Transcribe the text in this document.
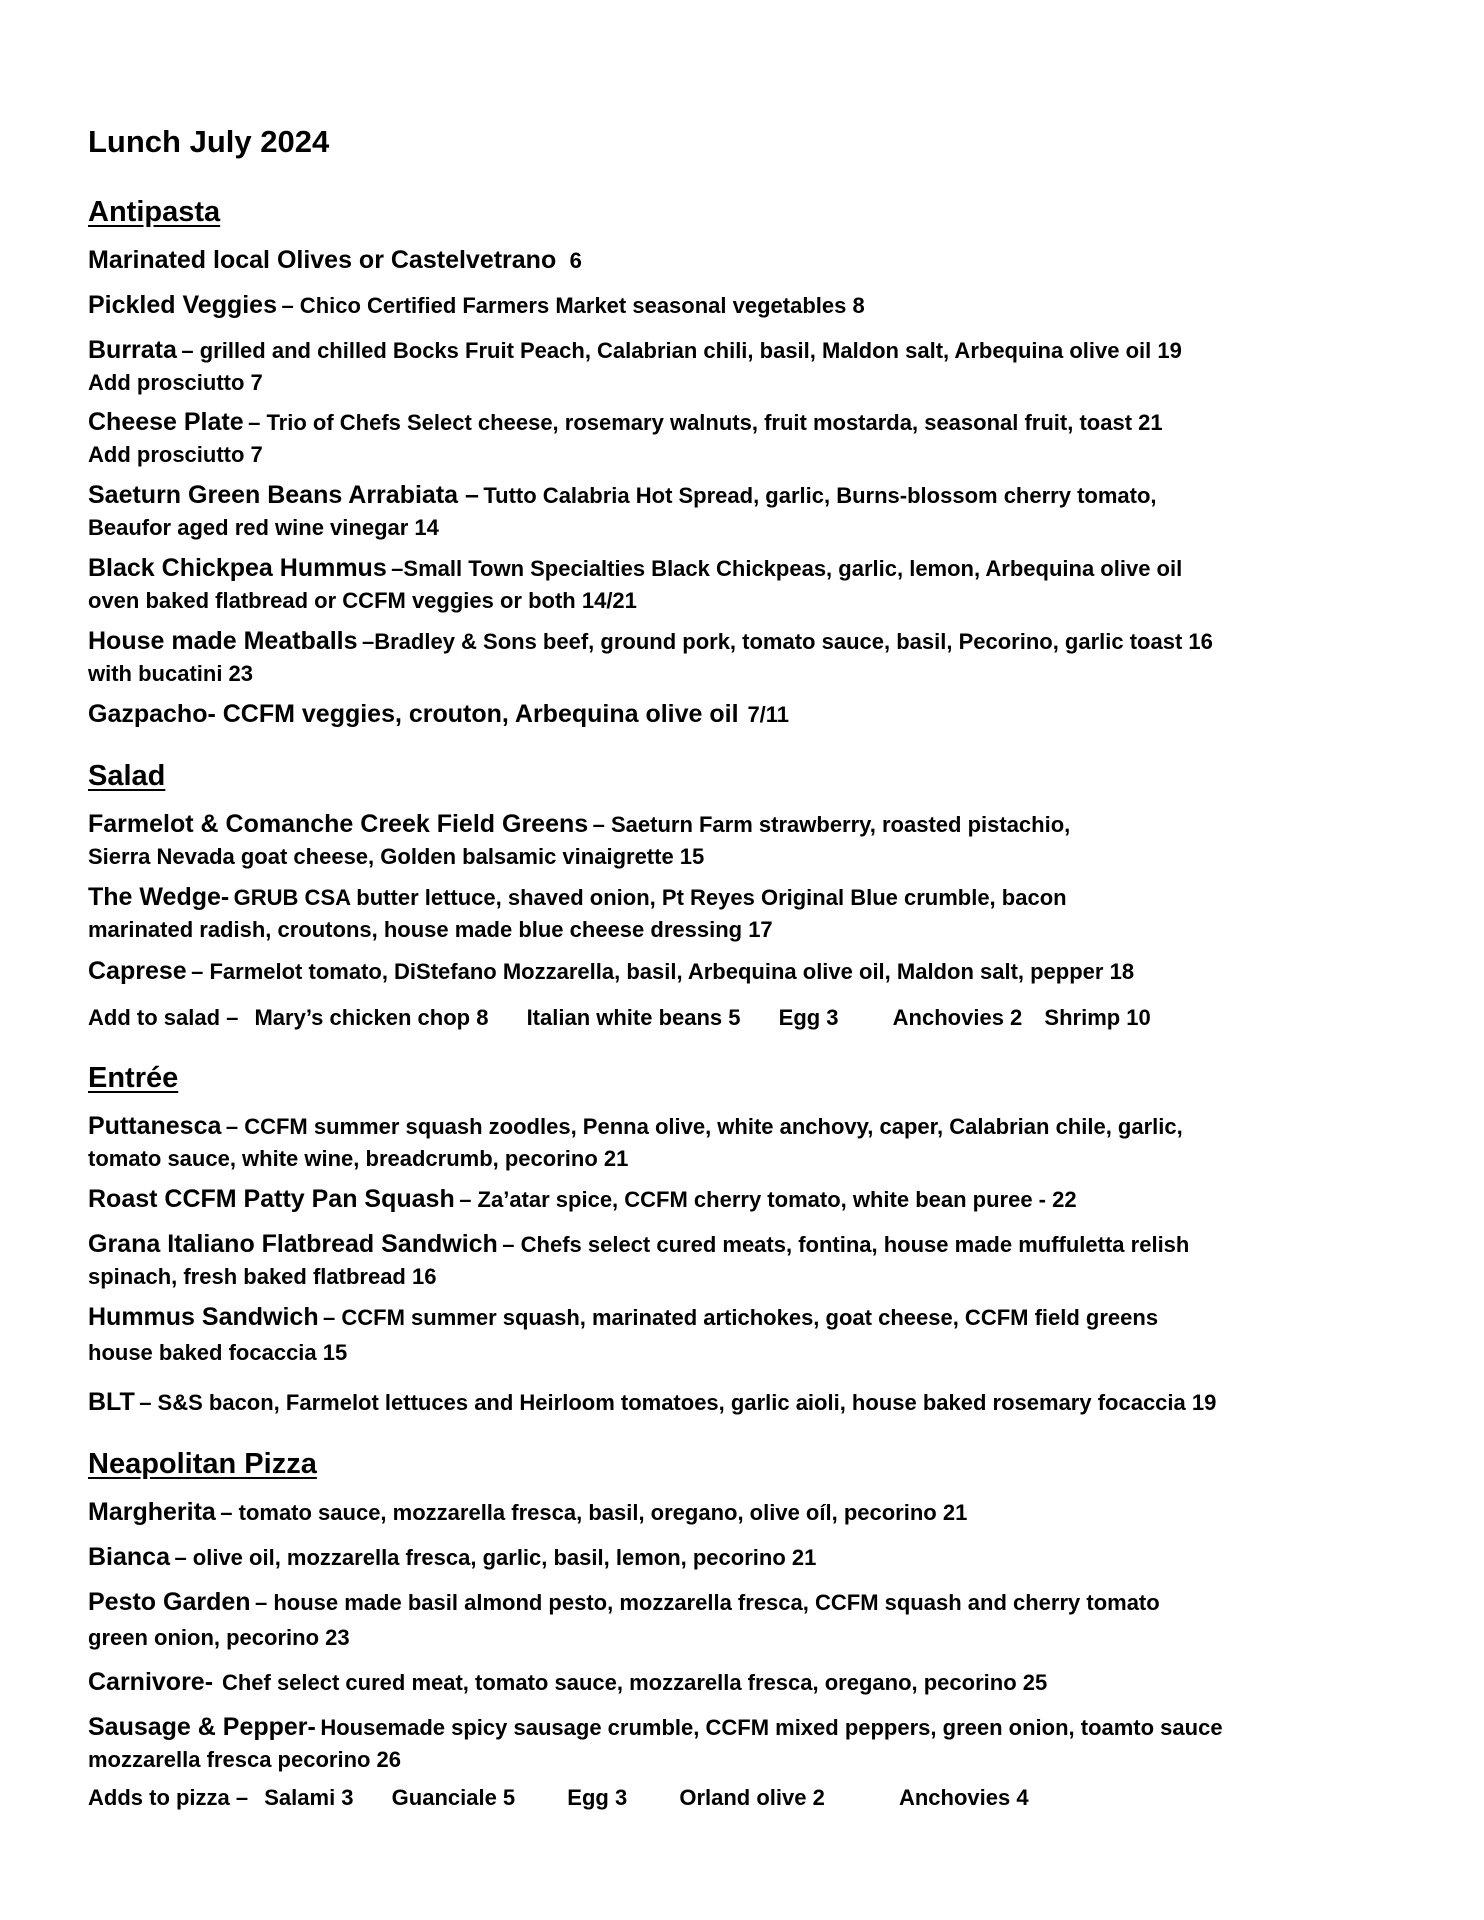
Lunch July 2024
Antipasta
Marinated local Olives or Castelvetrano 6
Pickled Veggies – Chico Certified Farmers Market seasonal vegetables 8
Burrata – grilled and chilled Bocks Fruit Peach, Calabrian chili, basil, Maldon salt, Arbequina olive oil 19
Add prosciutto 7
Cheese Plate – Trio of Chefs Select cheese, rosemary walnuts, fruit mostarda, seasonal fruit, toast 21
Add prosciutto 7
Saeturn Green Beans Arrabiata – Tutto Calabria Hot Spread, garlic, Burns-blossom cherry tomato,
Beaufor aged red wine vinegar 14
Black Chickpea Hummus –Small Town Specialties Black Chickpeas, garlic, lemon, Arbequina olive oil
oven baked flatbread or CCFM veggies or both 14/21
House made Meatballs –Bradley & Sons beef, ground pork, tomato sauce, basil, Pecorino, garlic toast 16
with bucatini 23
Gazpacho- CCFM veggies, crouton, Arbequina olive oil 7/11
Salad
Farmelot & Comanche Creek Field Greens – Saeturn Farm strawberry, roasted pistachio,
Sierra Nevada goat cheese, Golden balsamic vinaigrette 15
The Wedge- GRUB CSA butter lettuce, shaved onion, Pt Reyes Original Blue crumble, bacon
marinated radish, croutons, house made blue cheese dressing 17
Caprese – Farmelot tomato, DiStefano Mozzarella, basil, Arbequina olive oil, Maldon salt, pepper 18
Add to salad – Mary’s chicken chop 8 Italian white beans 5 Egg 3 Anchovies 2 Shrimp 10
Entrée
Puttanesca – CCFM summer squash zoodles, Penna olive, white anchovy, caper, Calabrian chile, garlic,
tomato sauce, white wine, breadcrumb, pecorino 21
Roast CCFM Patty Pan Squash – Za’atar spice, CCFM cherry tomato, white bean puree - 22
Grana Italiano Flatbread Sandwich – Chefs select cured meats, fontina, house made muffuletta relish
spinach, fresh baked flatbread 16
Hummus Sandwich – CCFM summer squash, marinated artichokes, goat cheese, CCFM field greens
house baked focaccia 15
BLT – S&S bacon, Farmelot lettuces and Heirloom tomatoes, garlic aioli, house baked rosemary focaccia 19
Neapolitan Pizza
Margherita – tomato sauce, mozzarella fresca, basil, oregano, olive oíl, pecorino 21
Bianca – olive oil, mozzarella fresca, garlic, basil, lemon, pecorino 21
Pesto Garden – house made basil almond pesto, mozzarella fresca, CCFM squash and cherry tomato
green onion, pecorino 23
Carnivore- Chef select cured meat, tomato sauce, mozzarella fresca, oregano, pecorino 25
Sausage & Pepper- Housemade spicy sausage crumble, CCFM mixed peppers, green onion, toamto sauce
mozzarella fresca pecorino 26
Adds to pizza – Salami 3 Guanciale 5 Egg 3 Orland olive 2	Anchovies 4
